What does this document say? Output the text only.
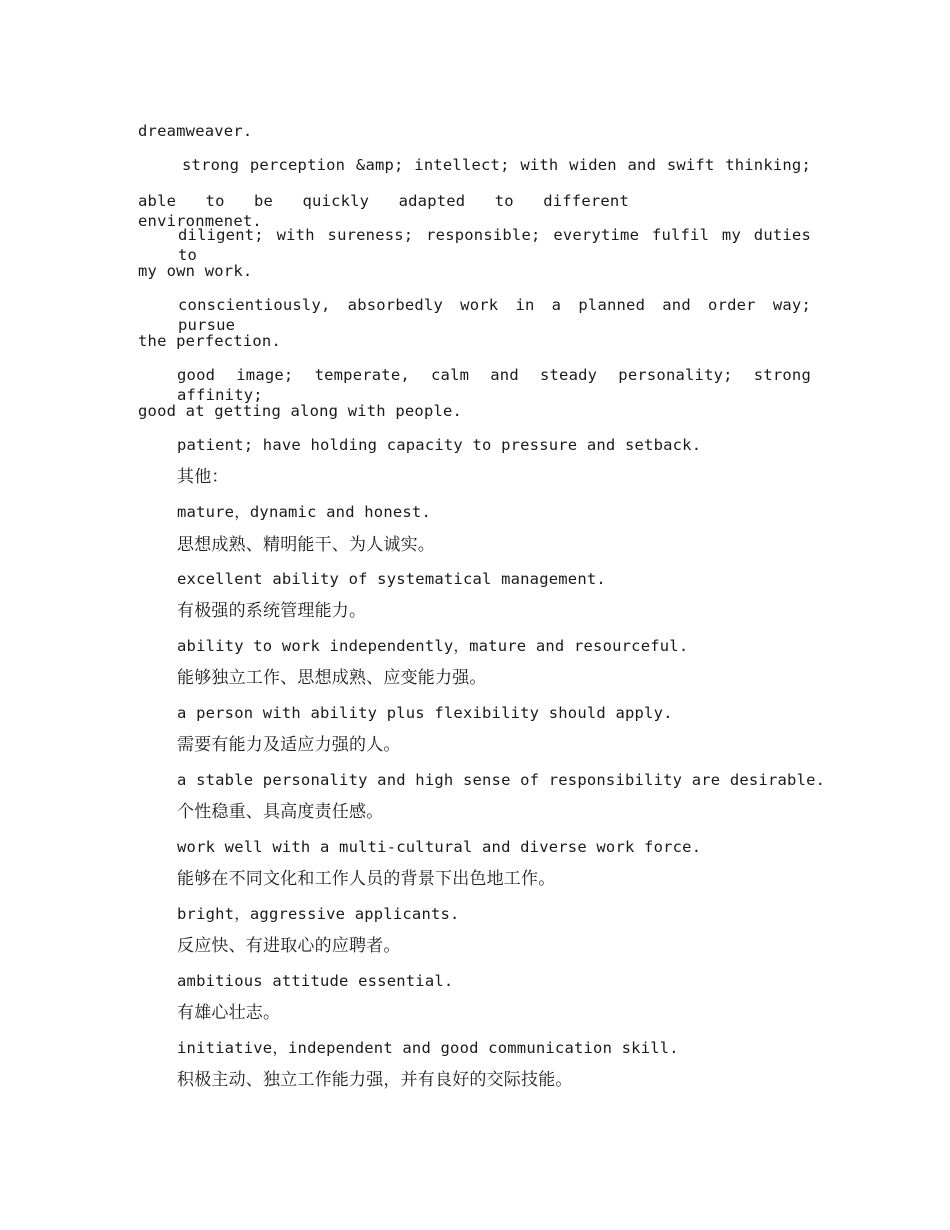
dreamweaver.
strong perception &amp; intellect; with widen and swift thinking;
able to be quickly adapted to different environmenet.
diligent; with sureness; responsible; everytime fulfil my duties to
my own work.
conscientiously, absorbedly work in a planned and order way; pursue
the perfection.
good image; temperate, calm and steady personality; strong affinity;
good at getting along with people.
patient; have holding capacity to pressure and setback.
其他：
mature，dynamic and honest.
思想成熟、精明能干、为人诚实。
excellent ability of systematical management.
有极强的系统管理能力。
ability to work independently，mature and resourceful.
能够独立工作、思想成熟、应变能力强。
a person with ability plus flexibility should apply.
需要有能力及适应力强的人。
a stable personality and high sense of responsibility are desirable.
个性稳重、具高度责任感。
work well with a multi-cultural and diverse work force.
能够在不同文化和工作人员的背景下出色地工作。
bright，aggressive applicants.
反应快、有进取心的应聘者。
ambitious attitude essential.
有雄心壮志。
initiative，independent and good communication skill.
积极主动、独立工作能力强，并有良好的交际技能。
